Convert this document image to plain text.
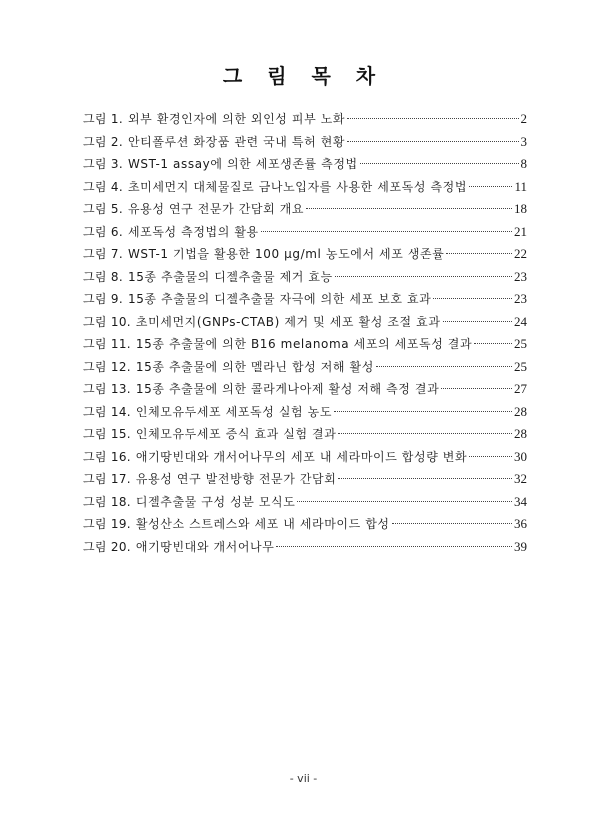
그 림 목 차
그림 1. 외부 환경인자에 의한 외인성 피부 노화	2
그림 2. 안티폴루션 화장품 관련 국내 특허 현황	3
그림 3. WST-1 assay에 의한 세포생존률 측정법	8
그림 4. 초미세먼지 대체물질로 금나노입자를 사용한 세포독성 측정법	11
그림 5. 유용성 연구 전문가 간담회 개요	18
그림 6. 세포독성 측정법의 활용	21
그림 7. WST-1 기법을 활용한 100 μg/ml 농도에서 세포 생존률	22
그림 8. 15종 추출물의 디젤추출물 제거 효능	23
그림 9. 15종 추출물의 디젤추출물 자극에 의한 세포 보호 효과	23
그림 10. 초미세먼지(GNPs-CTAB) 제거 및 세포 활성 조절 효과	24
그림 11. 15종 추출물에 의한 B16 melanoma 세포의 세포독성 결과	25
그림 12. 15종 추출물에 의한 멜라닌 합성 저해 활성	25
그림 13. 15종 추출물에 의한 콜라게나아제 활성 저해 측정 결과	27
그림 14. 인체모유두세포 세포독성 실험 농도	28
그림 15. 인체모유두세포 증식 효과 실험 결과	28
그림 16. 애기땅빈대와 개서어나무의 세포 내 세라마이드 합성량 변화	30
그림 17. 유용성 연구 발전방향 전문가 간담회	32
그림 18. 디젤추출물 구성 성분 모식도	34
그림 19. 활성산소 스트레스와 세포 내 세라마이드 합성	36
그림 20. 애기땅빈대와 개서어나무	39
- vii -
